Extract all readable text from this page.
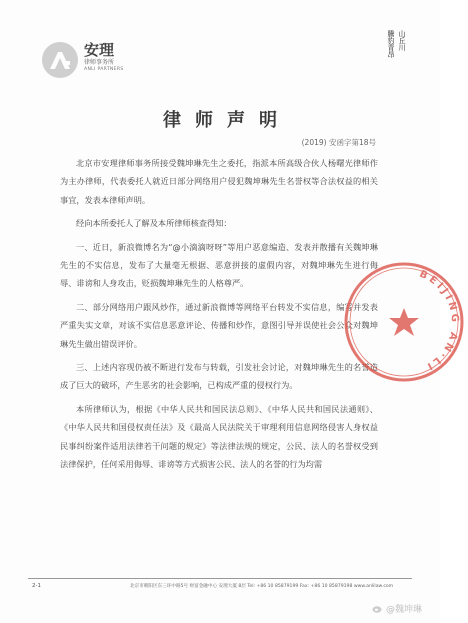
安理
律师事务所
ANLI PARTNERS
山丘川
騰豹青昂
律师声明
(2019) 安函字第18号

北京市安理律师事务所接受魏坤琳先生之委托，指派本所高级合伙人杨曙光律师作为主办律师，代表委托人就近日部分网络用户侵犯魏坤琳先生名誉权等合法权益的相关事宜，发表本律师声明。

经向本所委托人了解及本所律师核查得知：

一、近日，新浪微博名为“@小滴滴呀呀”等用户恶意编造、发表并散播有关魏坤琳先生的不实信息，发布了大量毫无根据、恶意拼接的虚假内容，对魏坤琳先生进行侮辱、诽谤和人身攻击，贬损魏坤琳先生的人格尊严。

二、部分网络用户跟风炒作，通过新浪微博等网络平台转发不实信息，编写并发表严重失实文章，对该不实信息恶意评论、传播和炒作，意图引导并误使社会公众对魏坤琳先生做出错误评价。

三、上述内容现仍被不断进行发布与转载，引发社会讨论，对魏坤琳先生的名誉造成了巨大的破坏，产生恶劣的社会影响，已构成严重的侵权行为。

本所律师认为，根据《中华人民共和国民法总则》、《中华人民共和国民法通则》、《中华人民共和国侵权责任法》及《最高人民法院关于审理利用信息网络侵害人身权益民事纠纷案件适用法律若干问题的规定》等法律法规的规定，公民、法人的名誉权受到法律保护，任何采用侮辱、诽谤等方式损害公民、法人的名誉的行为均需

BEIJING AN·LI
2-1	北京市朝阳区东三环中路5号 财富金融中心 安理大厦 8层 Tel: +86 10 85879199 Fax: +86 10 85879198 www.anlilaw.com
@魏坤琳
